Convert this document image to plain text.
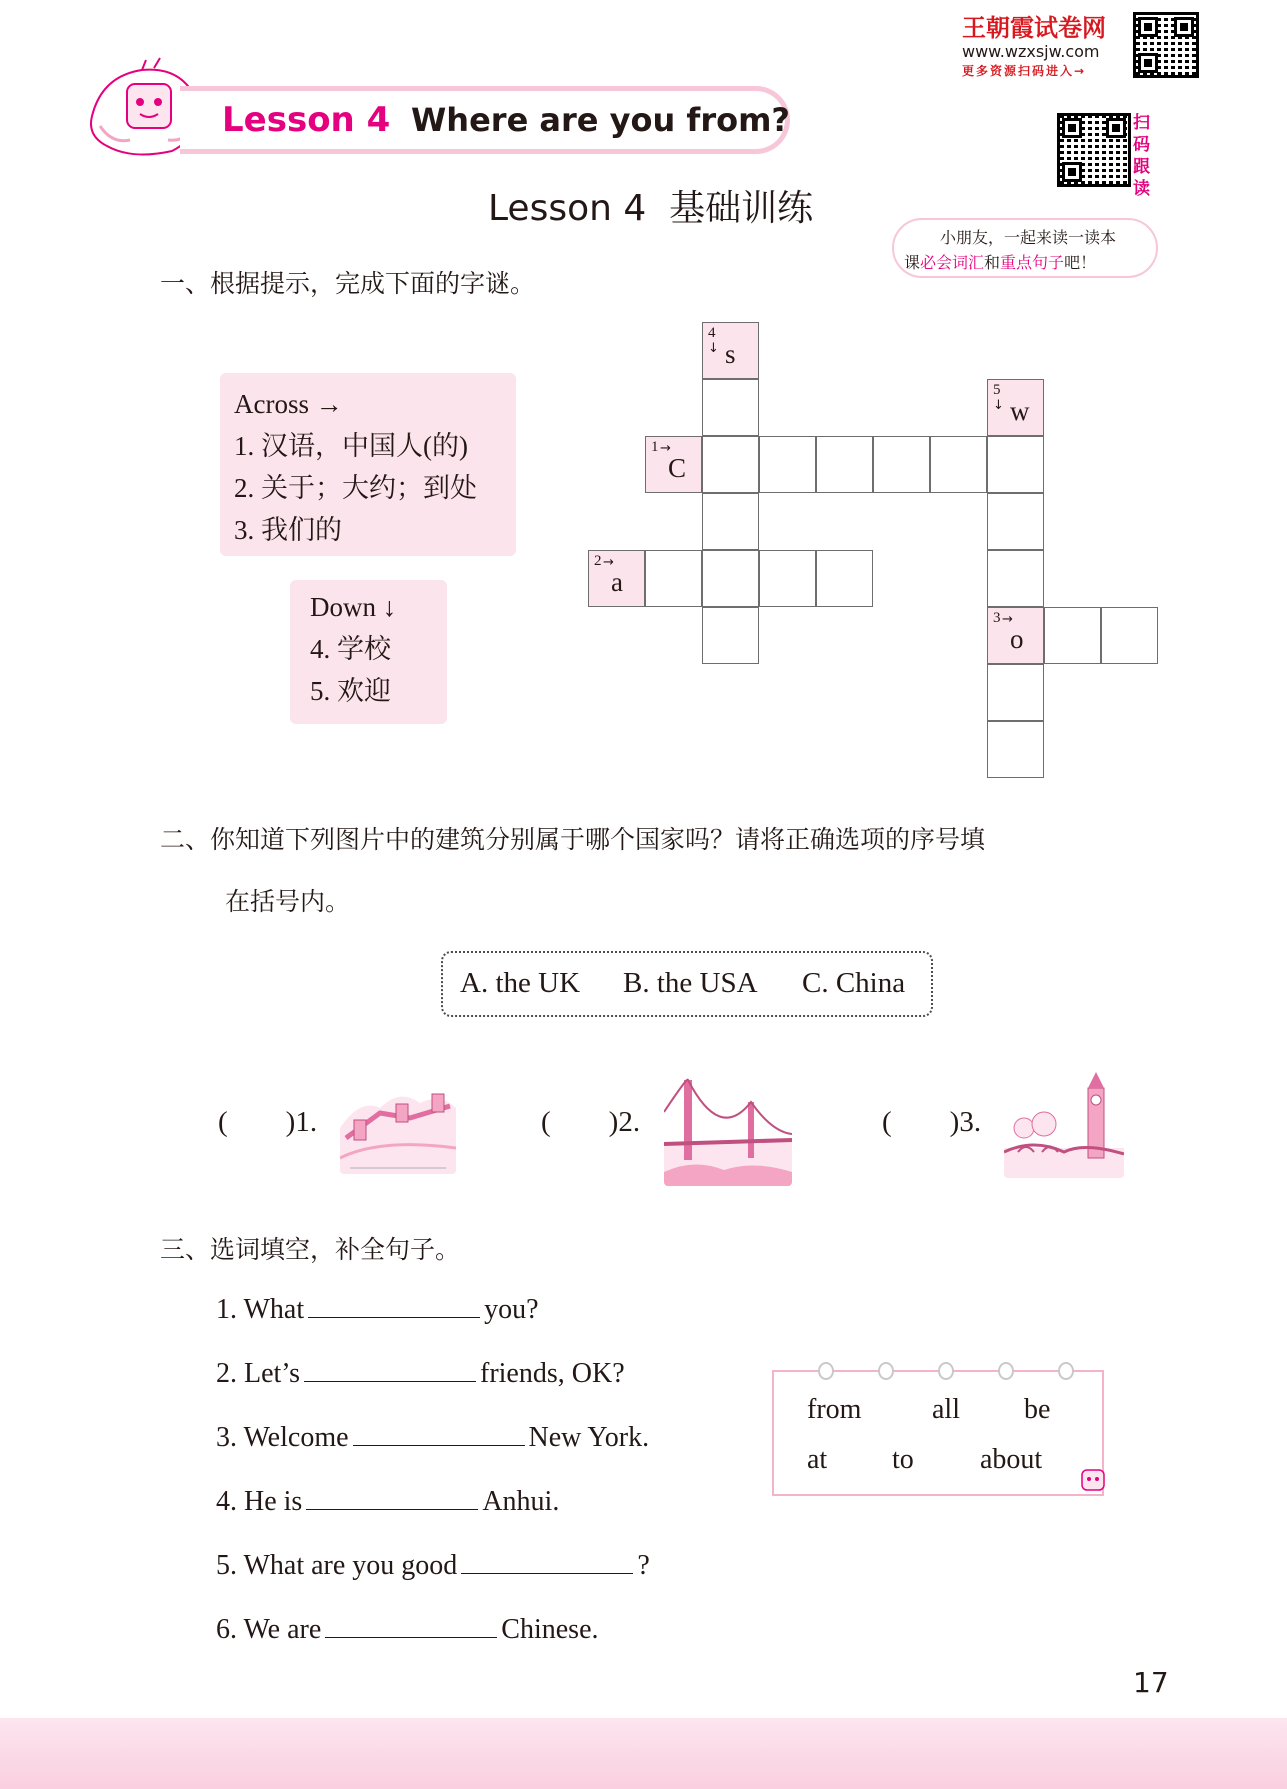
王朝霞试卷网
www.wzxsjw.com
更多资源扫码进入→
Lesson 4 Where are you from?	扫码跟读
Lesson 4  基础训练
小朋友，一起来读一读本
课必会词汇和重点句子吧！
一、根据提示，完成下面的字谜。
Across →
1. 汉语，中国人(的)
2. 关于；大约；到处
3. 我们的
Down ↓
4. 学校
5. 欢迎
4
↓ s
1 →
C
5
↓ w
3 →
o
2 →
a
二、你知道下列图片中的建筑分别属于哪个国家吗？请将正确选项的序号填
在括号内。
A. the UK B. the USA C. China
(        )1.	(        )2.	(        )3.
三、选词填空，补全句子。
1. What	you?
2. Let’s	friends, OK?
3. Welcome	New York.
4. He is	Anhui.
5. What are you good	?
6. We are	Chinese.
from	all be
at to about
17
